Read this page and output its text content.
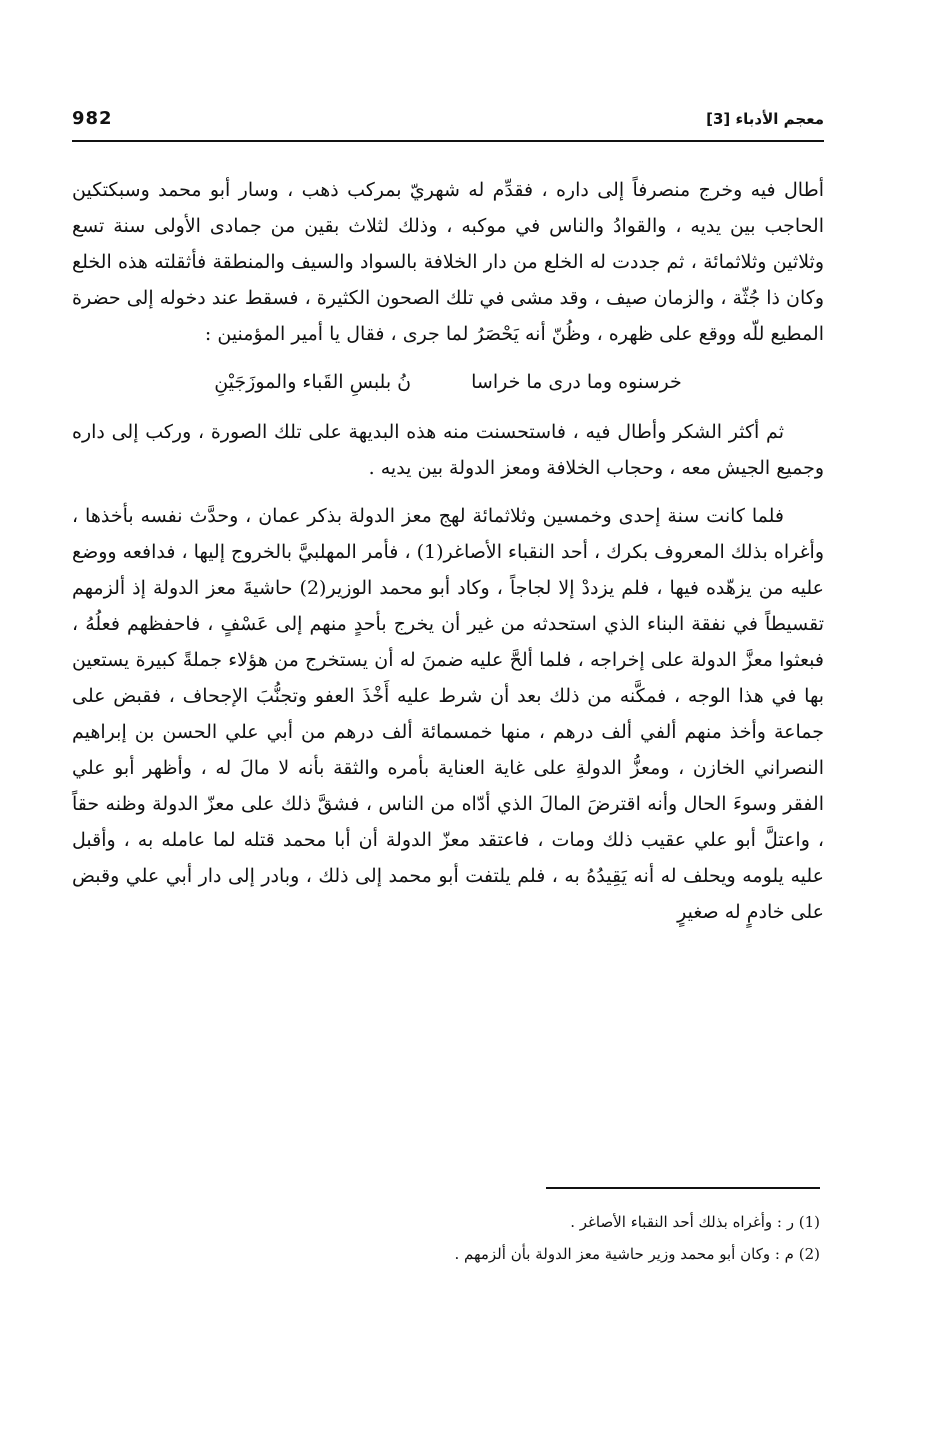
982	معجم الأدباء [3]

أطال فيه وخرج منصرفاً إلى داره ، فقدِّم له شهريّ بمركب ذهب ، وسار أبو محمد وسبكتكين الحاجب بين يديه ، والقوادُ والناس في موكبه ، وذلك لثلاث بقين من جمادى الأولى سنة تسع وثلاثين وثلاثمائة ، ثم جددت له الخلع من دار الخلافة بالسواد والسيف والمنطقة فأثقلته هذه الخلع وكان ذا جُثّة ، والزمان صيف ، وقد مشى في تلك الصحون الكثيرة ، فسقط عند دخوله إلى حضرة المطيع للّه ووقع على ظهره ، وظُنّ أنه يَحْصَرُ لما جرى ، فقال يا أمير المؤمنين :

خرسنوه وما درى ما خراسا
نُ بلبسِ القَباء والموزَجَيْنِ

ثم أكثر الشكر وأطال فيه ، فاستحسنت منه هذه البديهة على تلك الصورة ، وركب إلى داره وجميع الجيش معه ، وحجاب الخلافة ومعز الدولة بين يديه .

فلما كانت سنة إحدى وخمسين وثلاثمائة لهج معز الدولة بذكر عمان ، وحدَّث نفسه بأخذها ، وأغراه بذلك المعروف بكرك ، أحد النقباء الأصاغر(1) ، فأمر المهلبيَّ بالخروج إليها ، فدافعه ووضع عليه من يزهّده فيها ، فلم يزددْ إلا لجاجاً ، وكاد أبو محمد الوزير(2) حاشيةَ معز الدولة إذ ألزمهم تقسيطاً في نفقة البناء الذي استحدثه من غير أن يخرج بأحدٍ منهم إلى عَسْفٍ ، فاحفظهم فعلُهُ ، فبعثوا معزَّ الدولة على إخراجه ، فلما ألحَّ عليه ضمنَ له أن يستخرج من هؤلاء جملةً كبيرة يستعين بها في هذا الوجه ، فمكَّنه من ذلك بعد أن شرط عليه أَخْذَ العفو وتجنُّبَ الإجحاف ، فقبض على جماعة وأخذ منهم ألفي ألف درهم ، منها خمسمائة ألف درهم من أبي علي الحسن بن إبراهيم النصراني الخازن ، ومعزُّ الدولةِ على غاية العناية بأمره والثقة بأنه لا مالَ له ، وأظهر أبو علي الفقر وسوءَ الحال وأنه اقترضَ المالَ الذي أدّاه من الناس ، فشقَّ ذلك على معزّ الدولة وظنه حقاً ، واعتلَّ أبو علي عقيب ذلك ومات ، فاعتقد معزّ الدولة أن أبا محمد قتله لما عامله به ، وأقبل عليه يلومه ويحلف له أنه يَقِيدُهُ به ، فلم يلتفت أبو محمد إلى ذلك ، وبادر إلى دار أبي علي وقبض على خادمٍ له صغيرٍ

(1) ر : وأغراه بذلك أحد النقباء الأصاغر .

(2) م : وكان أبو محمد وزير حاشية معز الدولة بأن ألزمهم .
